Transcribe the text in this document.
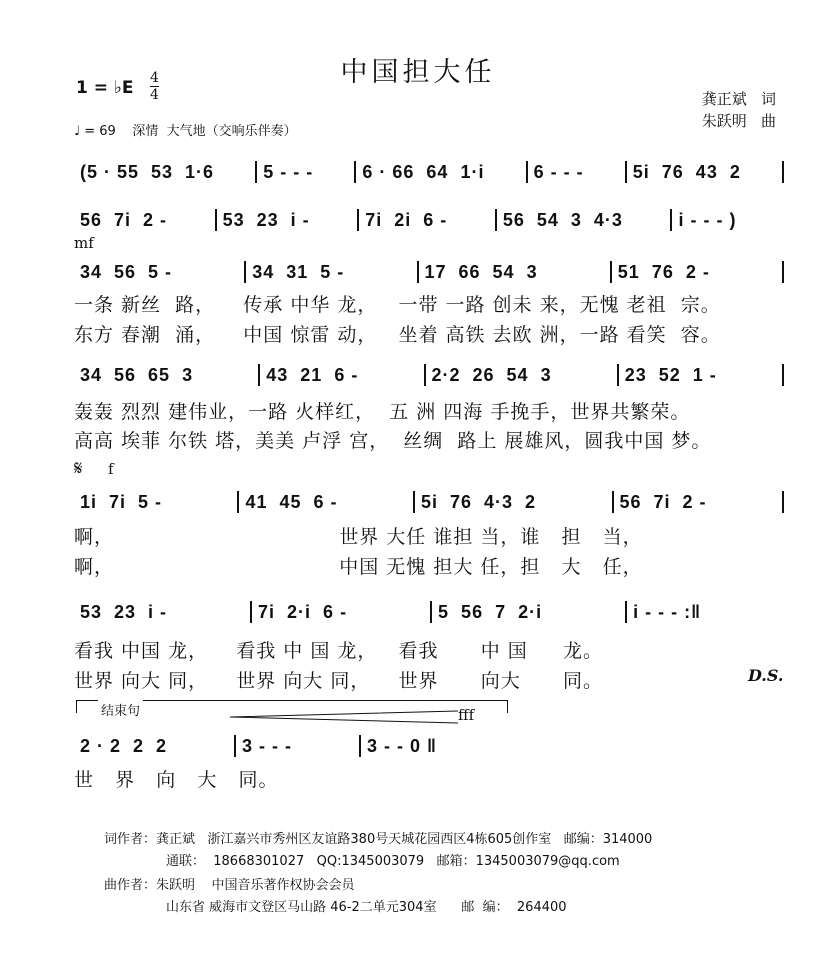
中国担大任
1 = ♭E 4
4
♩ = 69    深情  大气地（交响乐伴奏）
龚正斌   词
朱跃明   曲
(5 · 55  53  1·6	5 - - -	6 · 66  64  1·i	6 - - -	5i  76  43  2
56  7i  2 -	53  23  i -	7i  2i  6 -	56  54  3  4·3	i - - - )
mf
34  56  5 -	34  31  5 -	17  66  54  3	51  76  2 -
一条 新丝  路，    传承 中华 龙，   一带 一路 创未 来，无愧 老祖  宗。
东方 春潮  涌，    中国 惊雷 动，   坐着 高铁 去欧 洲，一路 看笑  容。
34  56  65  3	43  21  6 -	2·2  26  54  3	23  52  1 -
轰轰 烈烈 建伟业，一路 火样红，  五 洲 四海 手挽手，世界共繁荣。
高高 埃菲 尔铁 塔，美美 卢浮 宫，  丝绸  路上 展雄风，圆我中国 梦。
𝄋 f
1i  7i  5 -	41  45  6 -	5i  76  4·3  2	56  7i  2 -
啊，                                世界 大任 谁担 当，谁   担   当，
啊，                                中国 无愧 担大 任，担   大   任，
53  23  i -	7i  2·i  6 -	5  56  7  2·i	i - - - :‖
看我 中国 龙，    看我 中 国 龙，   看我      中 国     龙。
世界 向大 同，    世界 向大 同，    世界      向大      同。	D.S.
结束句	fff
2 · 2  2  2	3 - - -	3 - - 0 ‖
世   界   向   大   同。
词作者：龚正斌   浙江嘉兴市秀州区友谊路380号天城花园西区4栋605创作室   邮编：314000
通联：  18668301027   QQ:1345003079   邮箱：1345003079@qq.com
曲作者：朱跃明    中国音乐著作权协会会员
山东省 威海市文登区马山路 46-2二单元304室      邮  编：  264400
